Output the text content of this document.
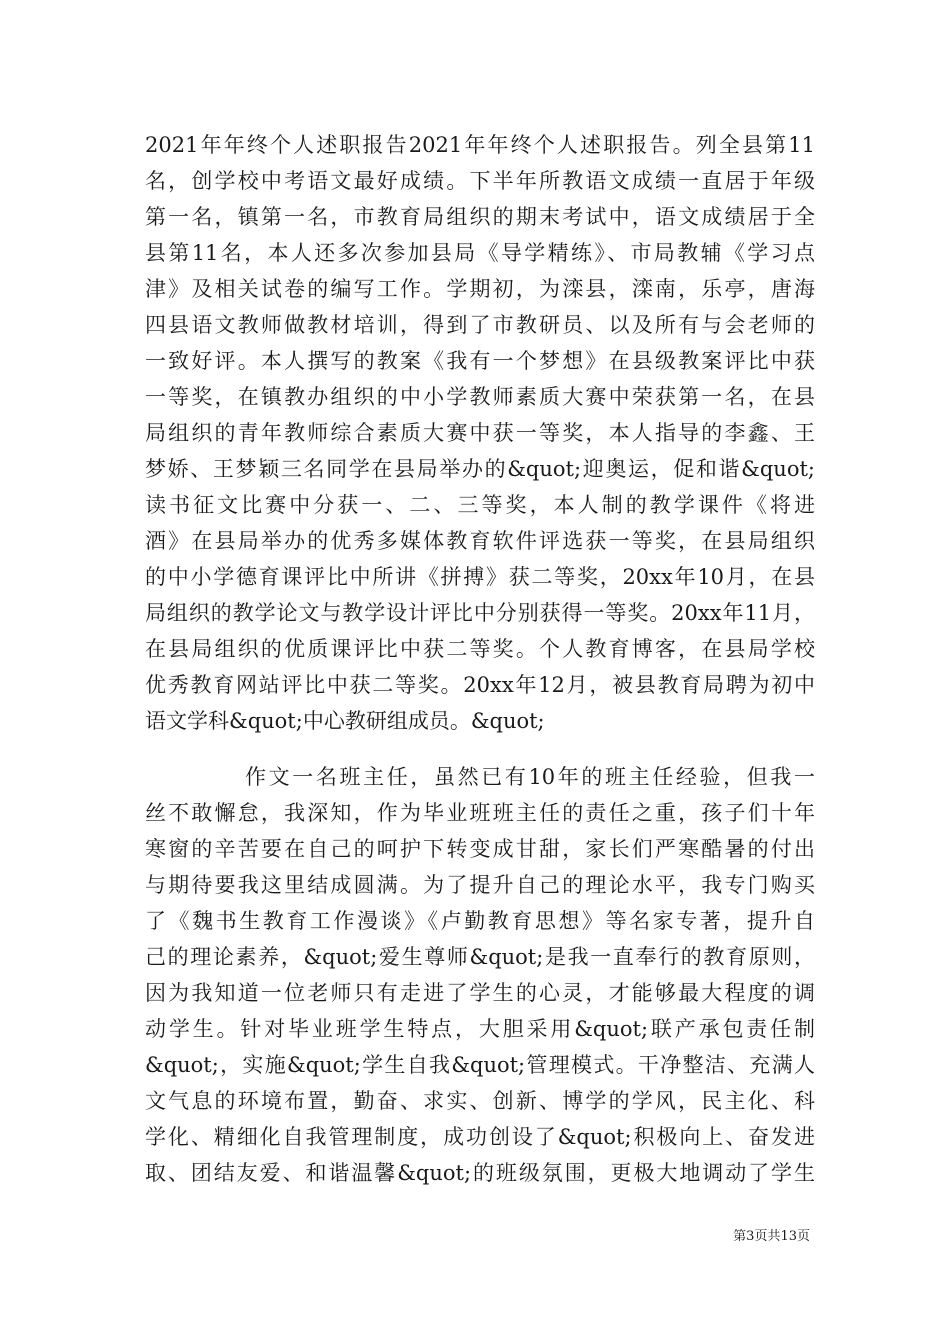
2021年年终个人述职报告2021年年终个人述职报告。列全县第11
名，创学校中考语文最好成绩。下半年所教语文成绩一直居于年级
第一名，镇第一名，市教育局组织的期末考试中，语文成绩居于全
县第11名，本人还多次参加县局《导学精练》、市局教辅《学习点
津》及相关试卷的编写工作。学期初，为滦县，滦南，乐亭，唐海
四县语文教师做教材培训，得到了市教研员、以及所有与会老师的
一致好评。本人撰写的教案《我有一个梦想》在县级教案评比中获
一等奖，在镇教办组织的中小学教师素质大赛中荣获第一名，在县
局组织的青年教师综合素质大赛中获一等奖，本人指导的李鑫、王
梦娇、王梦颖三名同学在县局举办的&quot;迎奥运，促和谐&quot;
读书征文比赛中分获一、二、三等奖，本人制的教学课件《将进
酒》在县局举办的优秀多媒体教育软件评选获一等奖，在县局组织
的中小学德育课评比中所讲《拼搏》获二等奖，20xx年10月，在县
局组织的教学论文与教学设计评比中分别获得一等奖。20xx年11月，
在县局组织的优质课评比中获二等奖。个人教育博客，在县局学校
优秀教育网站评比中获二等奖。20xx年12月，被县教育局聘为初中
语文学科&quot;中心教研组成员。&quot;
作文一名班主任，虽然已有10年的班主任经验，但我一
丝不敢懈怠，我深知，作为毕业班班主任的责任之重，孩子们十年
寒窗的辛苦要在自己的呵护下转变成甘甜，家长们严寒酷暑的付出
与期待要我这里结成圆满。为了提升自己的理论水平，我专门购买
了《魏书生教育工作漫谈》《卢勤教育思想》等名家专著，提升自
己的理论素养，&quot;爱生尊师&quot;是我一直奉行的教育原则，
因为我知道一位老师只有走进了学生的心灵，才能够最大程度的调
动学生。针对毕业班学生特点，大胆采用&quot;联产承包责任制
&quot;，实施&quot;学生自我&quot;管理模式。干净整洁、充满人
文气息的环境布置，勤奋、求实、创新、博学的学风，民主化、科
学化、精细化自我管理制度，成功创设了&quot;积极向上、奋发进
取、团结友爱、和谐温馨&quot;的班级氛围，更极大地调动了学生
第3页共13页
